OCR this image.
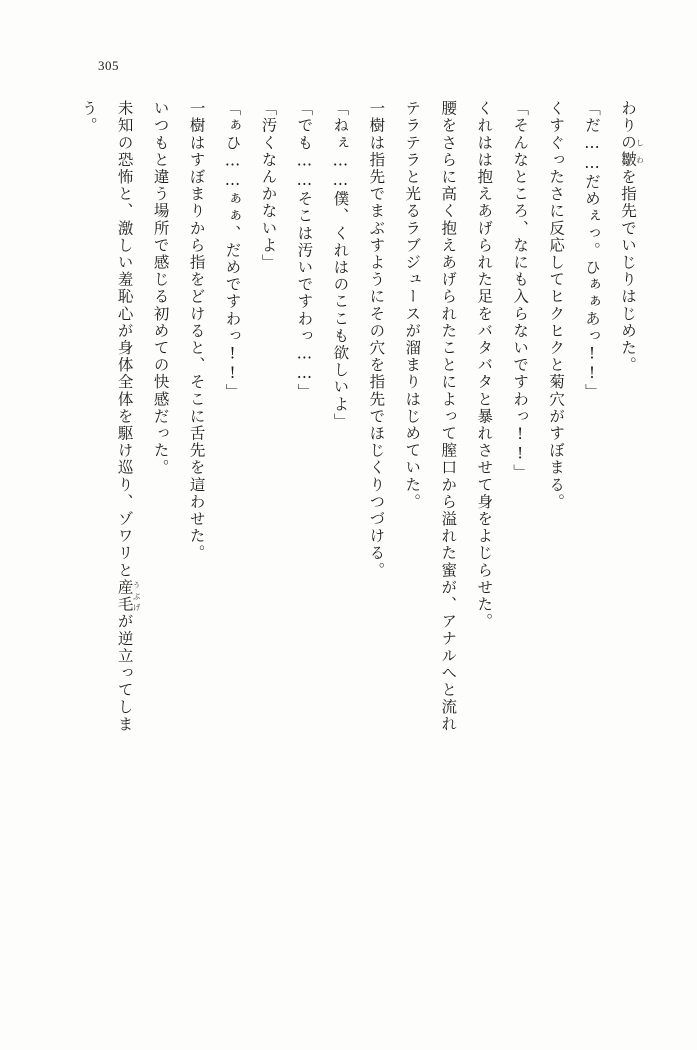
305

わりの皺しわを指先でいじりはじめた。

「だ……だめぇっ。ひぁぁあっ!!」

くすぐったさに反応してヒクヒクと菊穴がすぼまる。

「そんなところ、なにも入らないですわっ!!」

くれはは抱えあげられた足をバタバタと暴れさせて身をよじらせた。

腰をさらに高く抱えあげられたことによって膣口から溢れた蜜が、アナルへと流れ

テラテラと光るラブジュースが溜まりはじめていた。

一樹は指先でまぶすようにその穴を指先でほじくりつづける。

「ねぇ……僕、くれはのここも欲しいよ」

「でも……そこは汚いですわっ……」

「汚くなんかないよ」

「ぁひ……ぁぁ、だめですわっ!!」

一樹はすぼまりから指をどけると、そこに舌先を這わせた。

いつもと違う場所で感じる初めての快感だった。

未知の恐怖と、激しい羞恥心が身体全体を駆け巡り、ゾワリと産毛うぶげが逆立ってしま

う。
